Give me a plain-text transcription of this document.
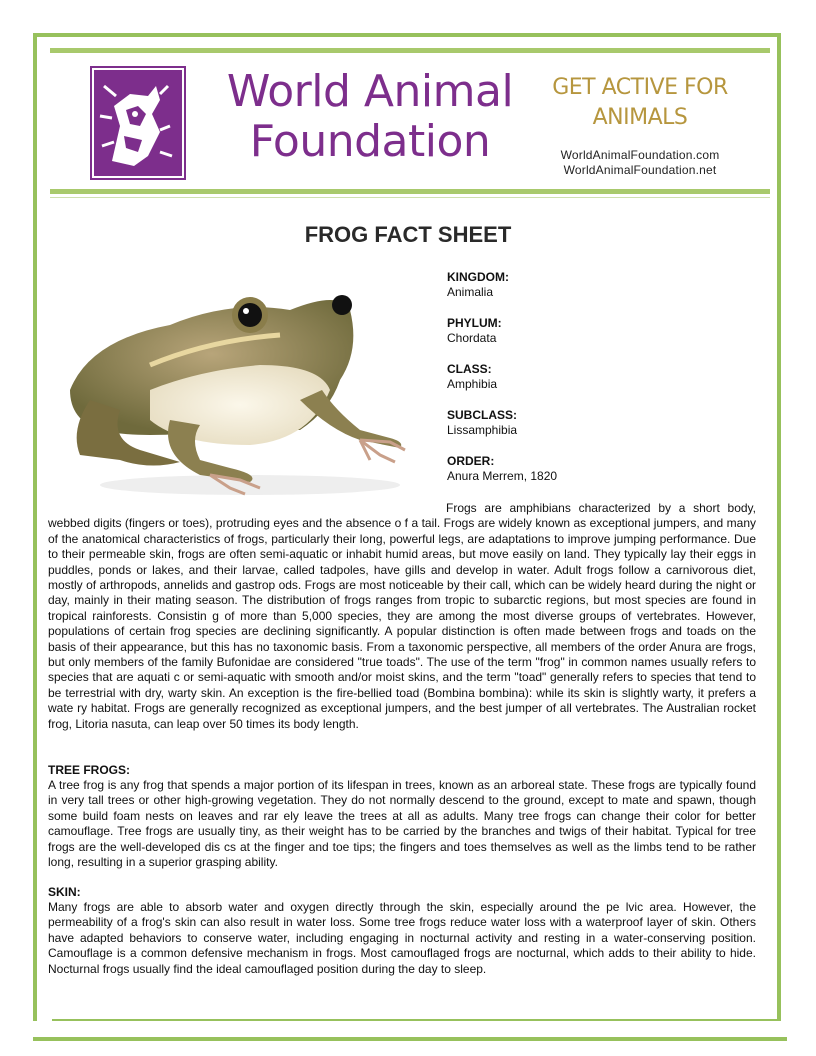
World Animal
Foundation
GET ACTIVE FOR
ANIMALS
WorldAnimalFoundation.com
WorldAnimalFoundation.net
FROG FACT SHEET
KINGDOM:
Animalia
PHYLUM:
Chordata
CLASS:
Amphibia
SUBCLASS:
Lissamphibia
ORDER:
Anura Merrem, 1820

Frogs are amphibians characterized by a short body, webbed digits (fingers or toes), protruding eyes and the absence o f a tail. Frogs are widely known as exceptional jumpers, and many of the anatomical characteristics of frogs, particularly their long, powerful legs, are adaptations to improve jumping performance. Due to their permeable skin, frogs are often semi-aquatic or inhabit humid areas, but move easily on land. They typically lay their eggs in puddles, ponds or lakes, and their larvae, called tadpoles, have gills and develop in water. Adult frogs follow a carnivorous diet, mostly of arthropods, annelids and gastrop ods. Frogs are most noticeable by their call, which can be widely heard during the night or day, mainly in their mating season. The distribution of frogs ranges from tropic to subarctic regions, but most species are found in tropical rainforests. Consistin g of more than 5,000 species, they are among the most diverse groups of vertebrates. However, populations of certain frog species are declining significantly. A popular distinction is often made between frogs and toads on the basis of their appearance, but this has no taxonomic basis. From a taxonomic perspective, all members of the order Anura are frogs, but only members of the family Bufonidae are considered "true toads". The use of the term "frog" in common names usually refers to species that are aquati c or semi-aquatic with smooth and/or moist skins, and the term "toad" generally refers to species that tend to be terrestrial with dry, warty skin. An exception is the fire-bellied toad (Bombina bombina): while its skin is slightly warty, it prefers a wate ry habitat. Frogs are generally recognized as exceptional jumpers, and the best jumper of all vertebrates. The Australian rocket frog, Litoria nasuta, can leap over 50 times its body length.

TREE FROGS:

A tree frog is any frog that spends a major portion of its lifespan in trees, known as an arboreal state. These frogs are typically found in very tall trees or other high-growing vegetation. They do not normally descend to the ground, except to mate and spawn, though some build foam nests on leaves and rar ely leave the trees at all as adults. Many tree frogs can change their color for better camouflage. Tree frogs are usually tiny, as their weight has to be carried by the branches and twigs of their habitat. Typical for tree frogs are the well-developed dis cs at the finger and toe tips; the fingers and toes themselves as well as the limbs tend to be rather long, resulting in a superior grasping ability.

SKIN:

Many frogs are able to absorb water and oxygen directly through the skin, especially around the pe lvic area. However, the permeability of a frog's skin can also result in water loss. Some tree frogs reduce water loss with a waterproof layer of skin. Others have adapted behaviors to conserve water, including engaging in nocturnal activity and resting in a water-conserving position. Camouflage is a common defensive mechanism in frogs. Most camouflaged frogs are nocturnal, which adds to their ability to hide. Nocturnal frogs usually find the ideal camouflaged position during the day to sleep.
